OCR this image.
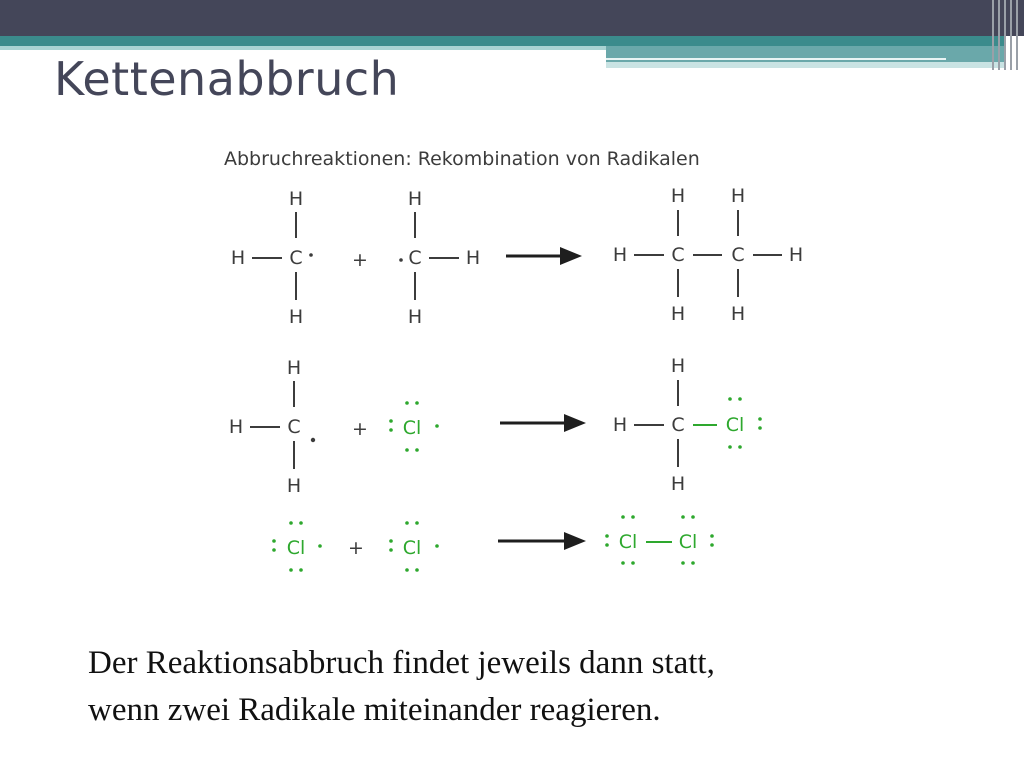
Kettenabbruch
Abbruchreaktionen: Rekombination von Radikalen
H
H C
H
+
H
C H
H
H H
H C C H
H H
H
H C
H
+ Cl
H
H C
H
Cl
Cl + Cl	Cl Cl

Der Reaktionsabbruch findet jeweils dann statt,

wenn zwei Radikale miteinander reagieren.
